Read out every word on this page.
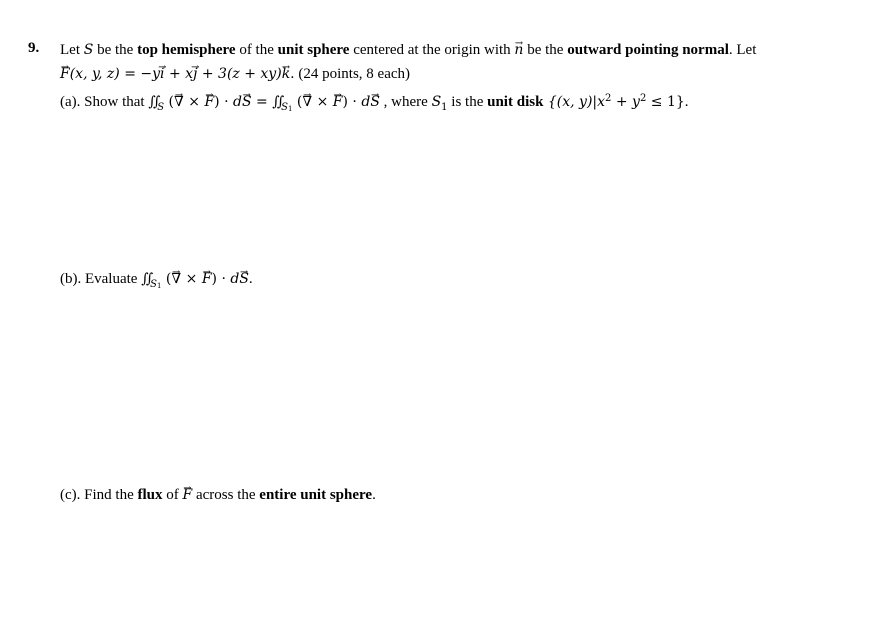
9. Let S be the top hemisphere of the unit sphere centered at the origin with → n be the outward pointing normal. Let
→ F(x, y, z) = −y→ i + x→ j + 3(z + xy)→ k. (24 points, 8 each)
(a). Show that $∬_S$ (→ ∇ × → $F) \cdot d\to S = ∬_{S_1}$ (→ ∇ × → F) · d→ S , where $S_1$ is the unit disk {(x, $y)|x^2 + y^2 \le 1$}.
(b). Evaluate $∬_{S_1}$ (→ ∇ × → F) · d→ S.
(c). Find the flux of → F across the entire unit sphere.
